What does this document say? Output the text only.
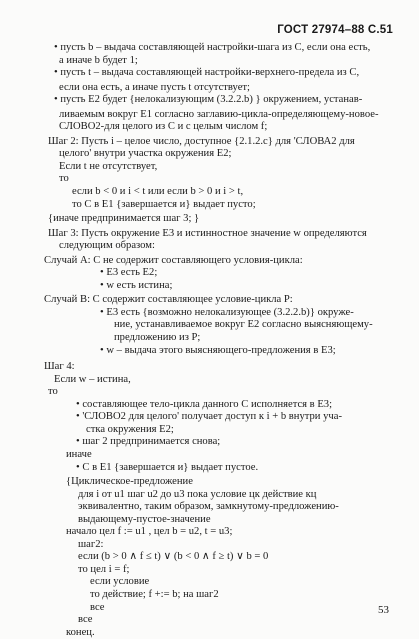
ГОСТ 27974–88 С.51
• пусть b – выдача составляющей настройки-шага из C, если она есть,
а иначе b будет 1;
• пусть t – выдача составляющей настройки-верхнего-предела из C,
если она есть, а иначе пусть t отсутствует;
• пусть E2 будет {нелокализующим (3.2.2.b) } окружением, устанав-
ливаемым вокруг E1 согласно заглавию-цикла-определяющему-новое-
СЛОВО2-для целого из C и с целым числом f;
Шаг 2: Пусть i – целое число, доступное {2.1.2.c} для 'СЛОВА2 для
целого' внутри участка окружения E2;
Если t не отсутствует,
то
если b < 0 и i < t или если b > 0 и i > t,
то C в E1 {завершается и} выдает пусто;
{иначе предпринимается шаг 3; }
Шаг 3: Пусть окружение E3 и истинностное значение w определяются
следующим образом:
Случай A: C не содержит составляющего условия-цикла:
• E3 есть E2;
• w есть истина;
Случай B: C содержит составляющее условие-цикла P:
• E3 есть {возможно нелокализующее (3.2.2.b)} окруже-
ние, устанавливаемое вокруг E2 согласно выясняющему-
предложению из P;
• w – выдача этого выясняющего-предложения в E3;
Шаг 4:
Если w – истина,
то
• составляющее тело-цикла данного C исполняется в E3;
• 'СЛОВО2 для целого' получает доступ к i + b внутри уча-
стка окружения E2;
• шаг 2 предпринимается снова;
иначе
• C в E1 {завершается и} выдает пустое.
{Циклическое-предложение
для i от u1 шаг u2 до u3 пока условие цк действие кц
эквивалентно, таким образом, замкнутому-предложению-
выдающему-пустое-значение
начало цел f := u1 , цел b = u2, t = u3;
шаг2:
если (b > 0 ∧ f ≤ t) ∨ (b < 0 ∧ f ≥ t) ∨ b = 0
то цел i = f;
если условие
то действие; f +:= b; на шаг2
все
все
конец.
53
